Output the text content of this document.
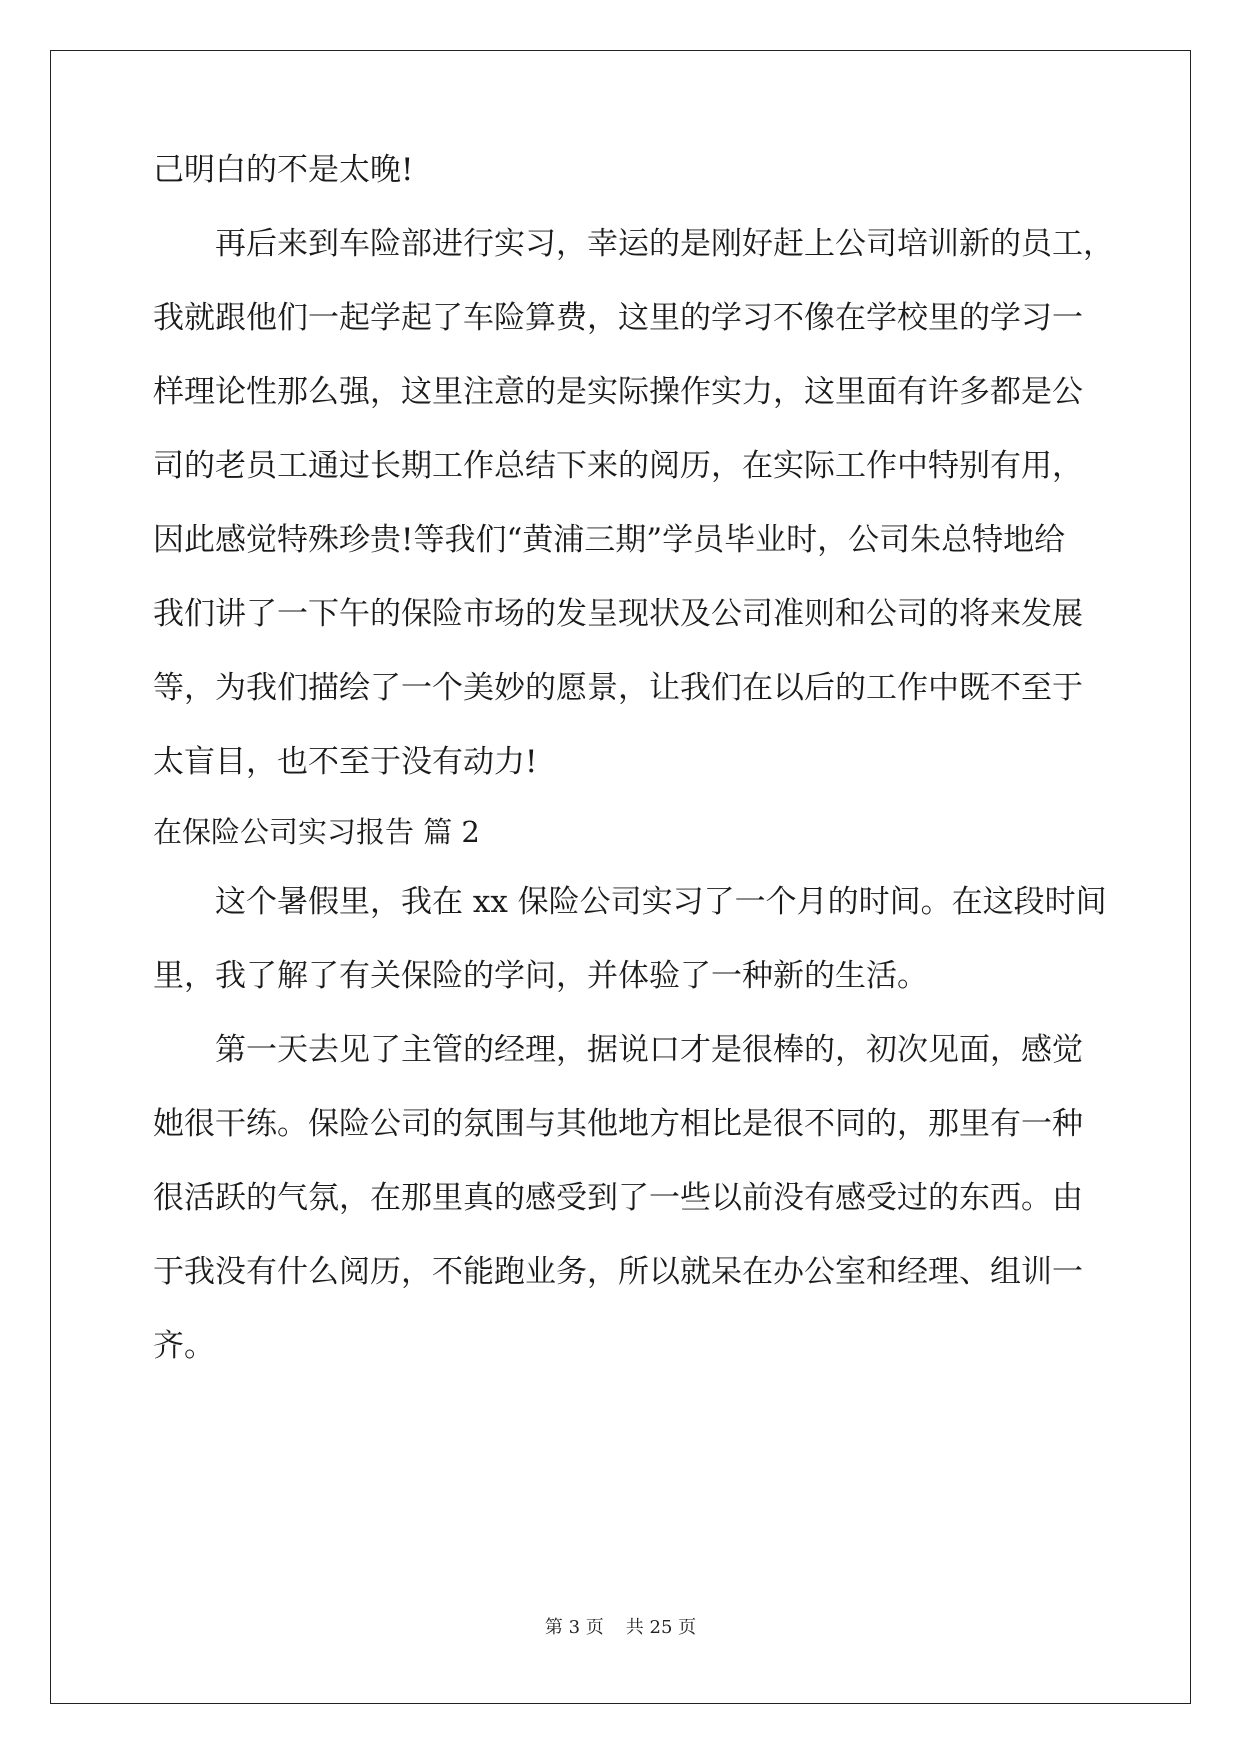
己明白的不是太晚!
再后来到车险部进行实习，幸运的是刚好赶上公司培训新的员工，
我就跟他们一起学起了车险算费，这里的学习不像在学校里的学习一
样理论性那么强，这里注意的是实际操作实力，这里面有许多都是公
司的老员工通过长期工作总结下来的阅历，在实际工作中特别有用，
因此感觉特殊珍贵!等我们“黄浦三期”学员毕业时，公司朱总特地给
我们讲了一下午的保险市场的发呈现状及公司准则和公司的将来发展
等，为我们描绘了一个美妙的愿景，让我们在以后的工作中既不至于
太盲目，也不至于没有动力!
在保险公司实习报告 篇 2
这个暑假里，我在 xx 保险公司实习了一个月的时间。在这段时间
里，我了解了有关保险的学问，并体验了一种新的生活。
第一天去见了主管的经理，据说口才是很棒的，初次见面，感觉
她很干练。保险公司的氛围与其他地方相比是很不同的，那里有一种
很活跃的气氛，在那里真的感受到了一些以前没有感受过的东西。由
于我没有什么阅历，不能跑业务，所以就呆在办公室和经理、组训一
齐。
第 3 页 共 25 页
